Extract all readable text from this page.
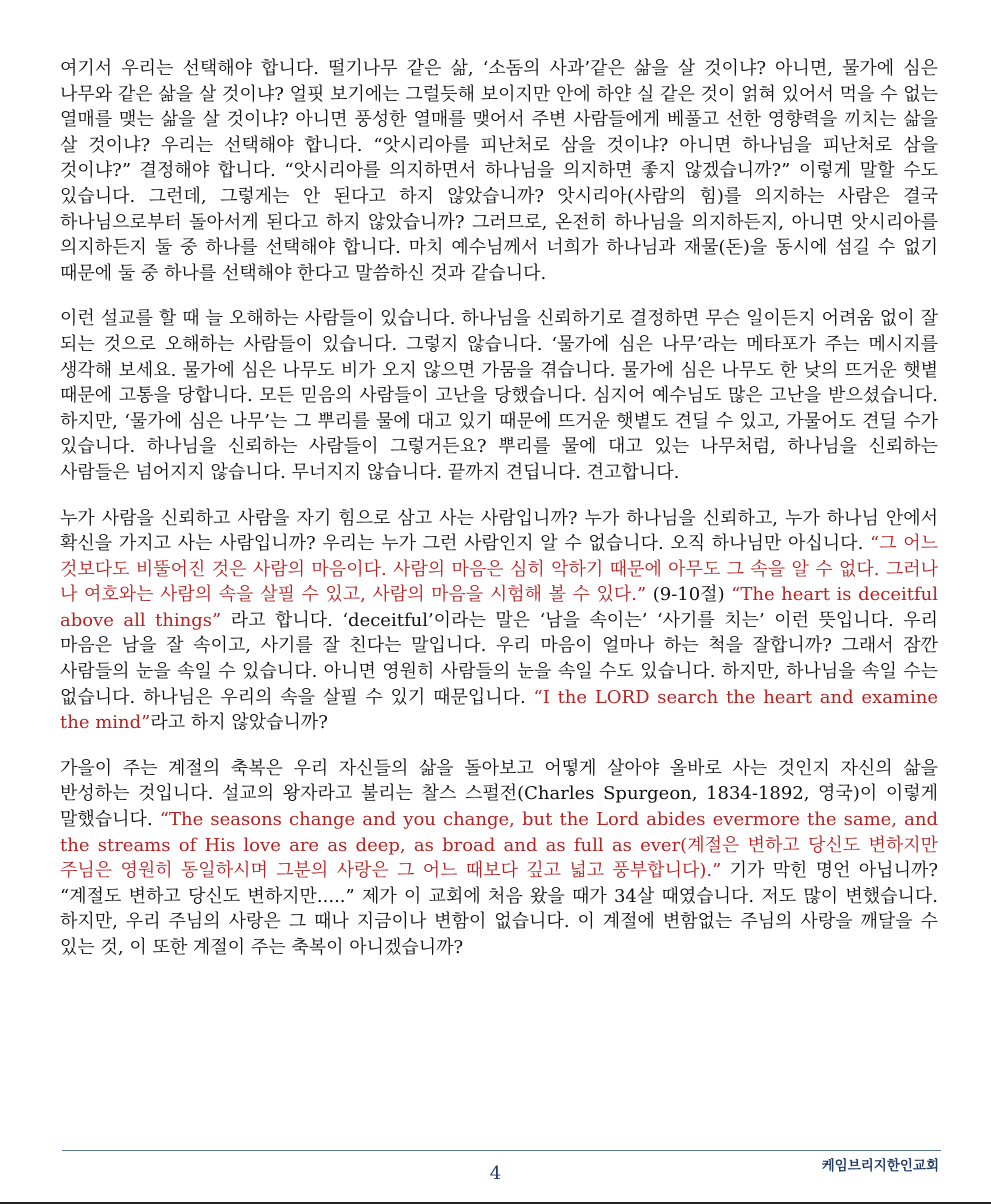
여기서 우리는 선택해야 합니다. 떨기나무 같은 삶, ‘소돔의 사과’같은 삶을 살 것이냐? 아니면, 물가에 심은 나무와 같은 삶을 살 것이냐? 얼핏 보기에는 그럴듯해 보이지만 안에 하얀 실 같은 것이 얽혀 있어서 먹을 수 없는 열매를 맺는 삶을 살 것이냐? 아니면 풍성한 열매를 맺어서 주변 사람들에게 베풀고 선한 영향력을 끼치는 삶을 살 것이냐? 우리는 선택해야 합니다. “앗시리아를 피난처로 삼을 것이냐? 아니면 하나님을 피난처로 삼을 것이냐?” 결정해야 합니다. “앗시리아를 의지하면서 하나님을 의지하면 좋지 않겠습니까?” 이렇게 말할 수도 있습니다. 그런데, 그렇게는 안 된다고 하지 않았습니까? 앗시리아(사람의 힘)를 의지하는 사람은 결국 하나님으로부터 돌아서게 된다고 하지 않았습니까? 그러므로, 온전히 하나님을 의지하든지, 아니면 앗시리아를 의지하든지 둘 중 하나를 선택해야 합니다. 마치 예수님께서 너희가 하나님과 재물(돈)을 동시에 섬길 수 없기 때문에 둘 중 하나를 선택해야 한다고 말씀하신 것과 같습니다.

이런 설교를 할 때 늘 오해하는 사람들이 있습니다. 하나님을 신뢰하기로 결정하면 무슨 일이든지 어려움 없이 잘 되는 것으로 오해하는 사람들이 있습니다. 그렇지 않습니다. ‘물가에 심은 나무’라는 메타포가 주는 메시지를 생각해 보세요. 물가에 심은 나무도 비가 오지 않으면 가뭄을 겪습니다. 물가에 심은 나무도 한 낮의 뜨거운 햇볕 때문에 고통을 당합니다. 모든 믿음의 사람들이 고난을 당했습니다. 심지어 예수님도 많은 고난을 받으셨습니다. 하지만, ‘물가에 심은 나무’는 그 뿌리를 물에 대고 있기 때문에 뜨거운 햇볕도 견딜 수 있고, 가물어도 견딜 수가 있습니다. 하나님을 신뢰하는 사람들이 그렇거든요? 뿌리를 물에 대고 있는 나무처럼, 하나님을 신뢰하는 사람들은 넘어지지 않습니다. 무너지지 않습니다. 끝까지 견딥니다. 견고합니다.

누가 사람을 신뢰하고 사람을 자기 힘으로 삼고 사는 사람입니까? 누가 하나님을 신뢰하고, 누가 하나님 안에서 확신을 가지고 사는 사람입니까? 우리는 누가 그런 사람인지 알 수 없습니다. 오직 하나님만 아십니다. “그 어느 것보다도 비뚤어진 것은 사람의 마음이다. 사람의 마음은 심히 악하기 때문에 아무도 그 속을 알 수 없다. 그러나 나 여호와는 사람의 속을 살필 수 있고, 사람의 마음을 시험해 볼 수 있다.” (9-10절) “The heart is deceitful above all things” 라고 합니다. ‘deceitful’이라는 말은 ‘남을 속이는’ ‘사기를 치는’ 이런 뜻입니다. 우리 마음은 남을 잘 속이고, 사기를 잘 친다는 말입니다. 우리 마음이 얼마나 하는 척을 잘합니까? 그래서 잠깐 사람들의 눈을 속일 수 있습니다. 아니면 영원히 사람들의 눈을 속일 수도 있습니다. 하지만, 하나님을 속일 수는 없습니다. 하나님은 우리의 속을 살필 수 있기 때문입니다. “I the LORD search the heart and examine the mind”라고 하지 않았습니까?

가을이 주는 계절의 축복은 우리 자신들의 삶을 돌아보고 어떻게 살아야 올바로 사는 것인지 자신의 삶을 반성하는 것입니다. 설교의 왕자라고 불리는 찰스 스펄전(Charles Spurgeon, 1834-1892, 영국)이 이렇게 말했습니다. “The seasons change and you change, but the Lord abides evermore the same, and the streams of His love are as deep, as broad and as full as ever(계절은 변하고 당신도 변하지만 주님은 영원히 동일하시며 그분의 사랑은 그 어느 때보다 깊고 넓고 풍부합니다).” 기가 막힌 명언 아닙니까? “계절도 변하고 당신도 변하지만.....” 제가 이 교회에 처음 왔을 때가 34살 때였습니다. 저도 많이 변했습니다. 하지만, 우리 주님의 사랑은 그 때나 지금이나 변함이 없습니다. 이 계절에 변함없는 주님의 사랑을 깨달을 수 있는 것, 이 또한 계절이 주는 축복이 아니겠습니까?

케임브리지한인교회
4
